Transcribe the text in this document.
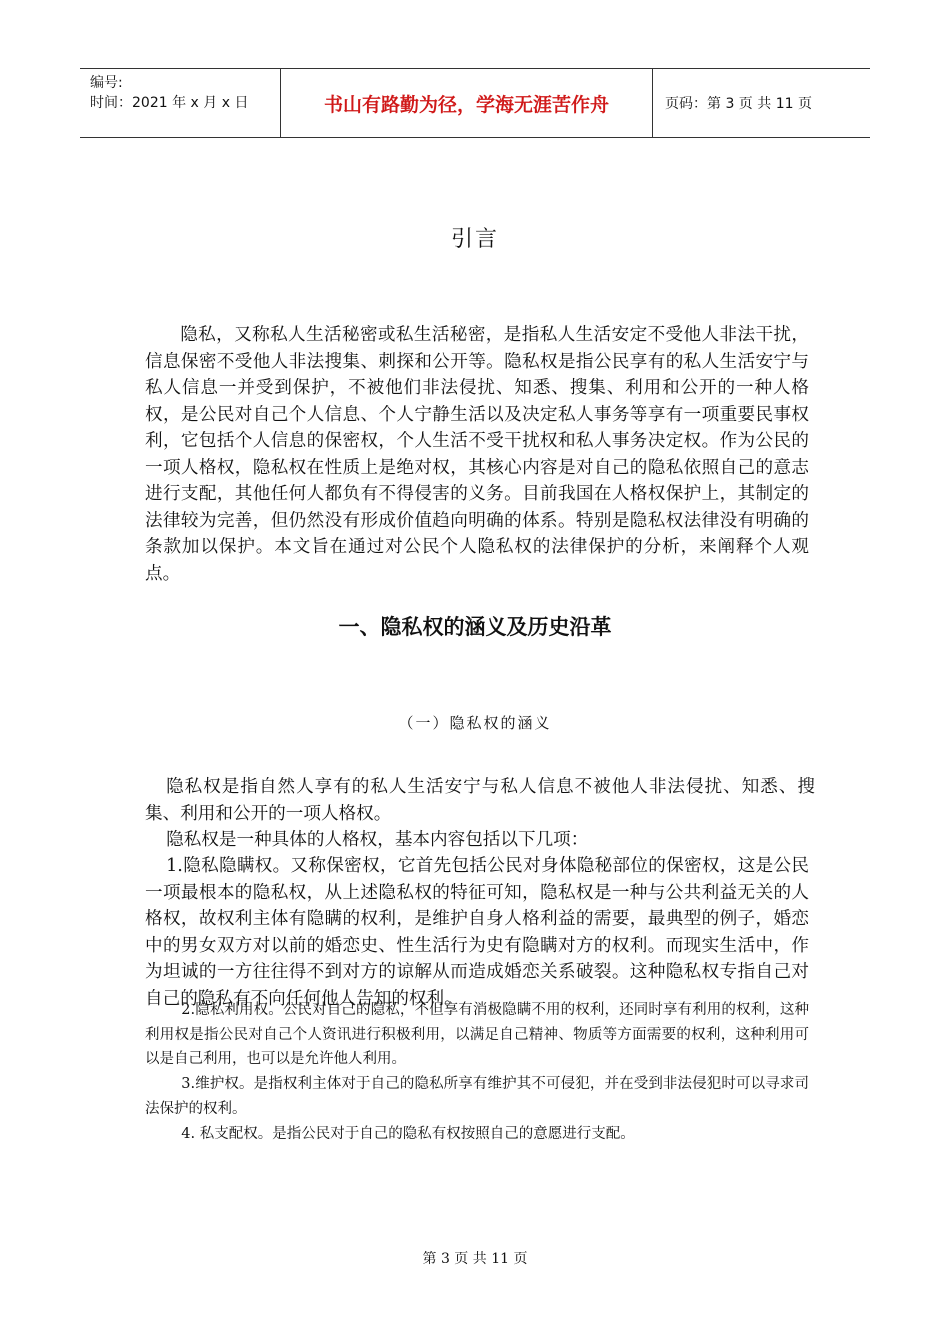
编号:
时间：2021 年 x 月 x 日	书山有路勤为径，学海无涯苦作舟	页码：第 3 页 共 11 页
引言

隐私，又称私人生活秘密或私生活秘密，是指私人生活安定不受他人非法干扰，信息保密不受他人非法搜集、刺探和公开等。隐私权是指公民享有的私人生活安宁与私人信息一并受到保护，不被他们非法侵扰、知悉、搜集、利用和公开的一种人格权，是公民对自己个人信息、个人宁静生活以及决定私人事务等享有一项重要民事权利，它包括个人信息的保密权，个人生活不受干扰权和私人事务决定权。作为公民的一项人格权，隐私权在性质上是绝对权，其核心内容是对自己的隐私依照自己的意志进行支配，其他任何人都负有不得侵害的义务。目前我国在人格权保护上，其制定的法律较为完善，但仍然没有形成价值趋向明确的体系。特别是隐私权法律没有明确的条款加以保护。本文旨在通过对公民个人隐私权的法律保护的分析，来阐释个人观点。

一、隐私权的涵义及历史沿革
（一）隐私权的涵义

隐私权是指自然人享有的私人生活安宁与私人信息不被他人非法侵扰、知悉、搜集、利用和公开的一项人格权。

隐私权是一种具体的人格权，基本内容包括以下几项：

1.隐私隐瞒权。又称保密权，它首先包括公民对身体隐秘部位的保密权，这是公民一项最根本的隐私权，从上述隐私权的特征可知，隐私权是一种与公共利益无关的人格权，故权利主体有隐瞒的权利，是维护自身人格利益的需要，最典型的例子，婚恋中的男女双方对以前的婚恋史、性生活行为史有隐瞒对方的权利。而现实生活中，作为坦诚的一方往往得不到对方的谅解从而造成婚恋关系破裂。这种隐私权专指自己对自己的隐私有不向任何他人告知的权利。

2.隐私利用权。公民对自己的隐私，不但享有消极隐瞒不用的权利，还同时享有利用的权利，这种利用权是指公民对自己个人资讯进行积极利用，以满足自己精神、物质等方面需要的权利，这种利用可以是自己利用，也可以是允许他人利用。

3.维护权。是指权利主体对于自己的隐私所享有维护其不可侵犯，并在受到非法侵犯时可以寻求司法保护的权利。

4. 私支配权。是指公民对于自己的隐私有权按照自己的意愿进行支配。

第 3 页 共 11 页
